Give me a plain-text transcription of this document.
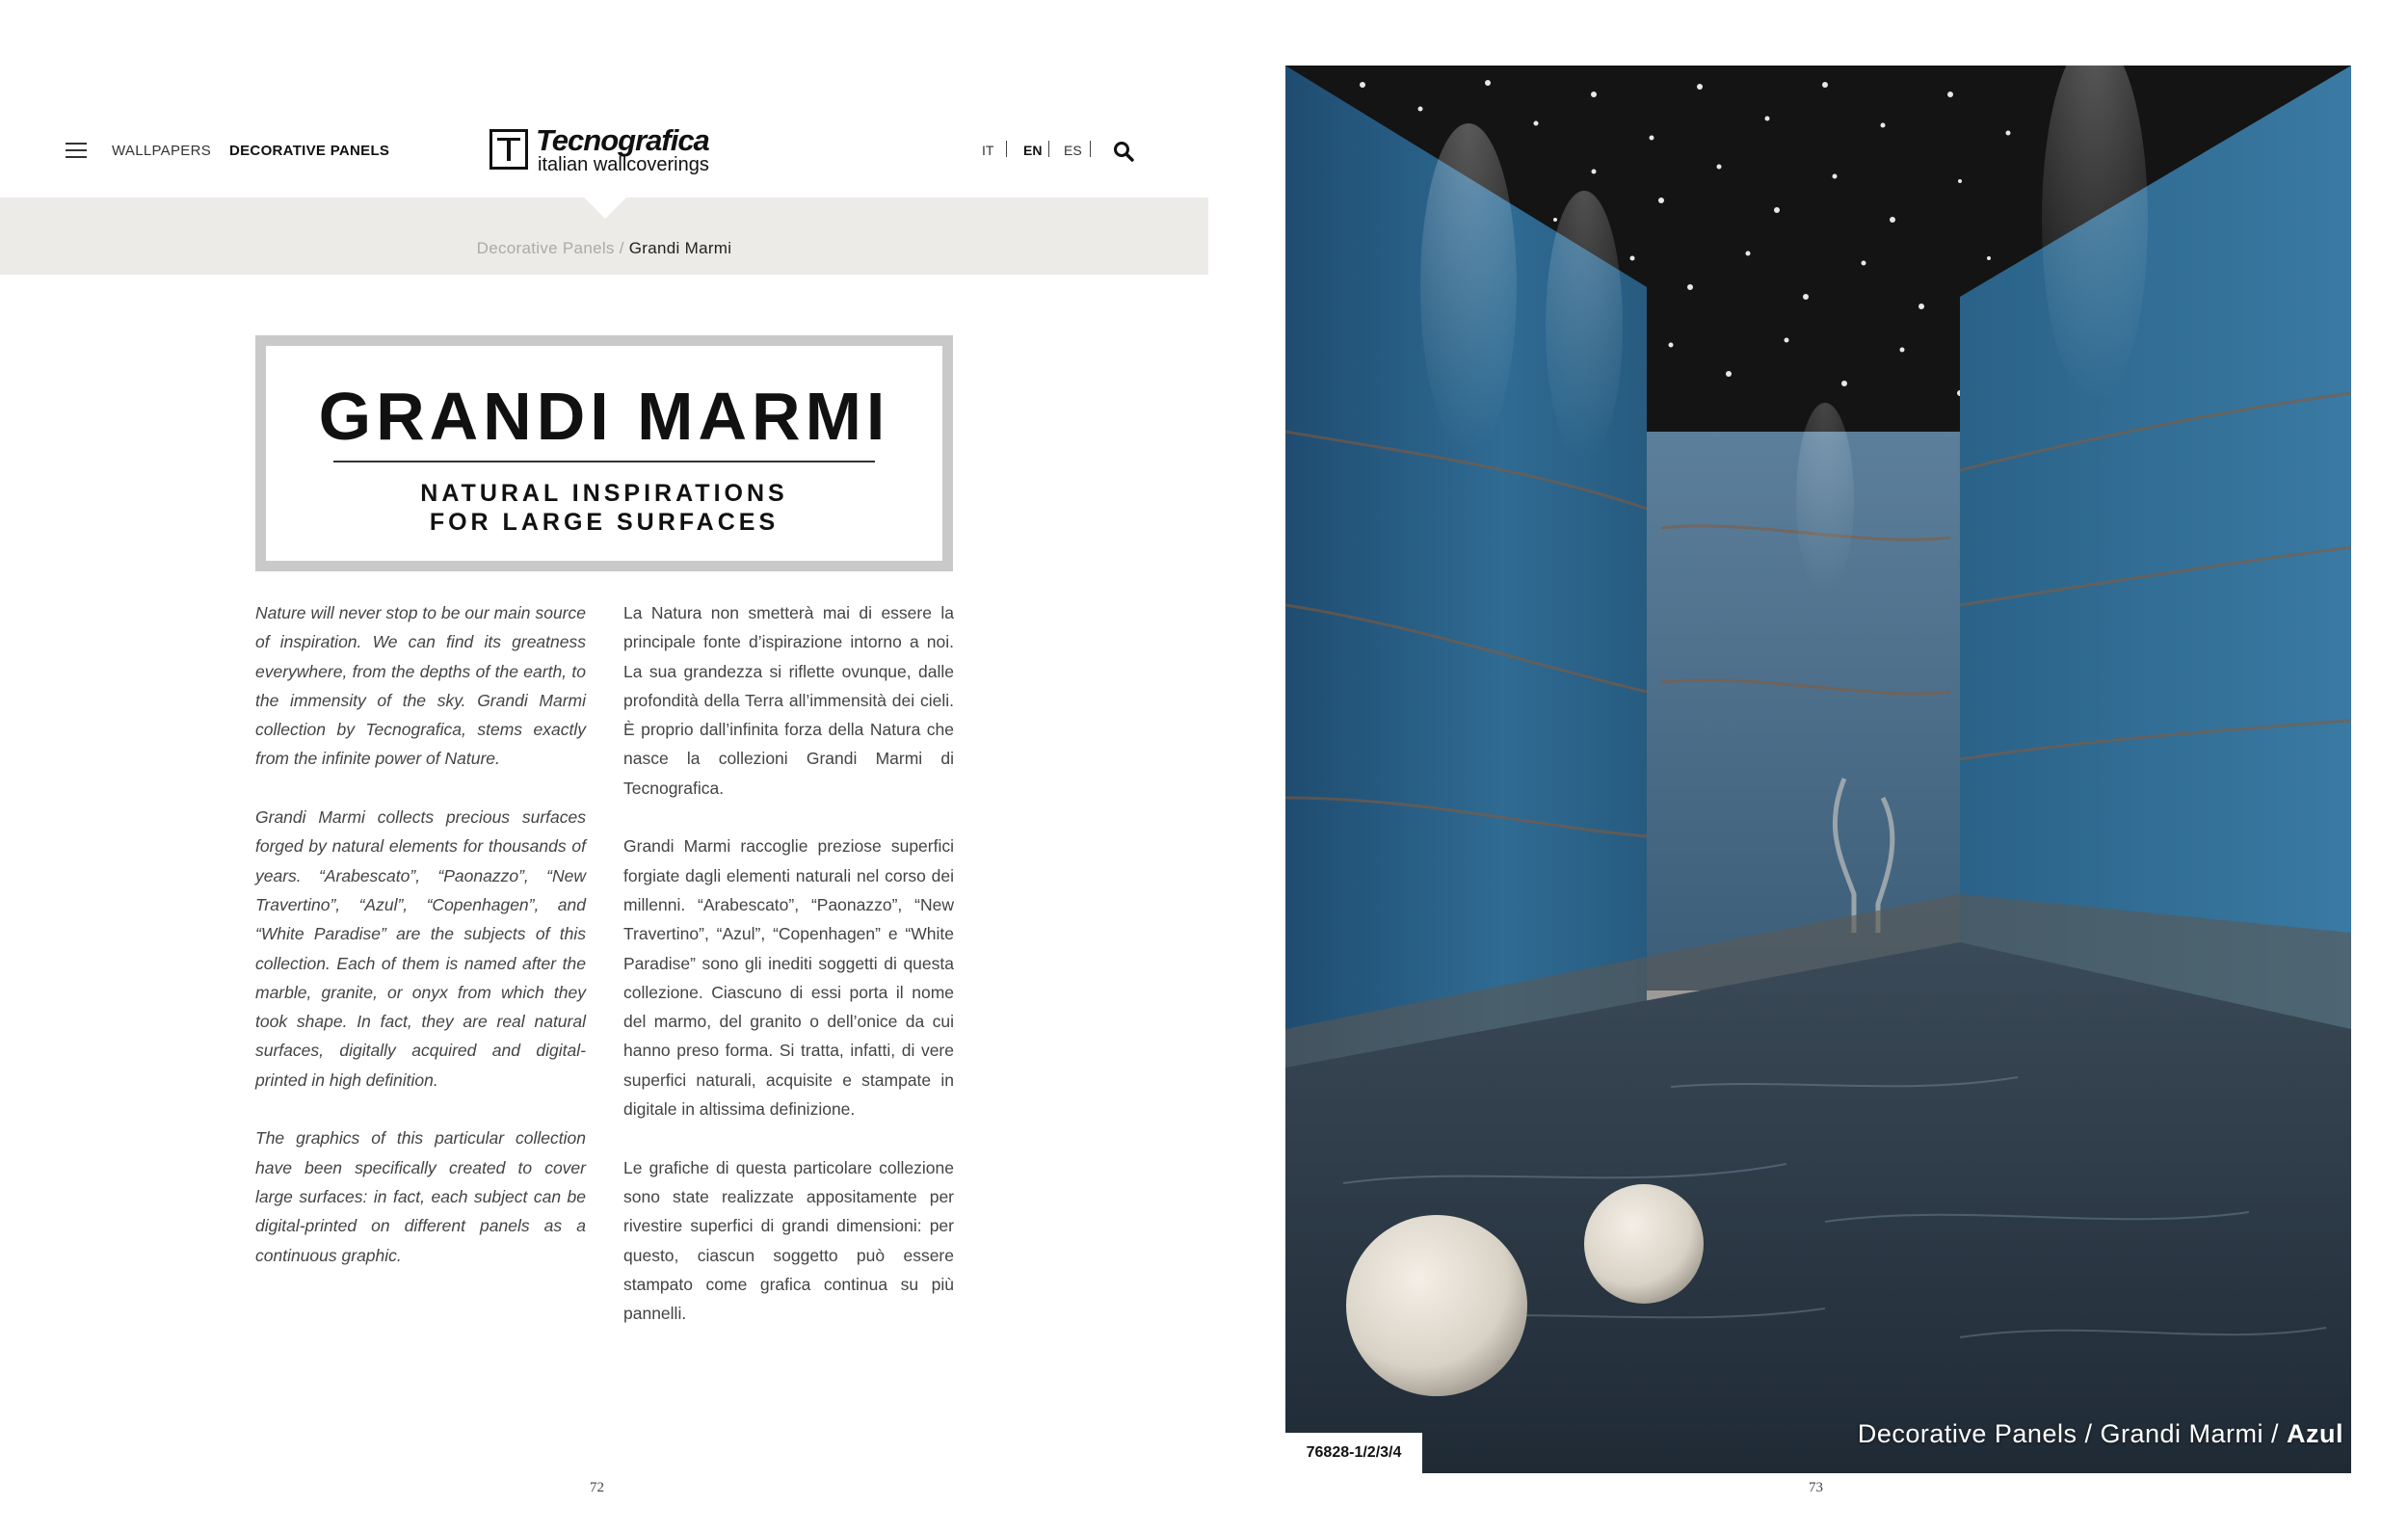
WALLPAPERS DECORATIVE PANELS	Tecnografica
italian wallcoverings
IT EN ES
Decorative Panels / Grandi Marmi
GRANDI MARMI
NATURAL INSPIRATIONS
FOR LARGE SURFACES

Nature will never stop to be our main source of inspiration. We can find its greatness everywhere, from the depths of the earth, to the immensity of the sky. Grandi Marmi collection by Tecnografica, stems exactly from the infinite power of Nature.

Grandi Marmi collects precious surfaces forged by natural elements for thousands of years. “Arabescato”, “Paonazzo”, “New Travertino”, “Azul”, “Copenhagen”, and “White Paradise” are the subjects of this collection. Each of them is named after the marble, granite, or onyx from which they took shape. In fact, they are real natural surfaces, digitally acquired and digital-printed in high definition.

The graphics of this particular collection have been specifically created to cover large surfaces: in fact, each subject can be digital-printed on different panels as a continuous graphic.

La Natura non smetterà mai di essere la principale fonte d’ispirazione intorno a noi. La sua grandezza si riflette ovunque, dalle profondità della Terra all’immensità dei cieli. È proprio dall’infinita forza della Natura che nasce la collezioni Grandi Marmi di Tecnografica.

Grandi Marmi raccoglie preziose superfici forgiate dagli elementi naturali nel corso dei millenni. “Arabescato”, “Paonazzo”, “New Travertino”, “Azul”, “Copenhagen” e “White Paradise” sono gli inediti soggetti di questa collezione. Ciascuno di essi porta il nome del marmo, del granito o dell’onice da cui hanno preso forma. Si tratta, infatti, di vere superfici naturali, acquisite e stampate in digitale in altissima definizione.

Le grafiche di questa particolare collezione sono state realizzate appositamente per rivestire superfici di grandi dimensioni: per questo, ciascun soggetto può essere stampato come grafica continua su più pannelli.

72	73
76828-1/2/3/4
Decorative Panels / Grandi Marmi / Azul
